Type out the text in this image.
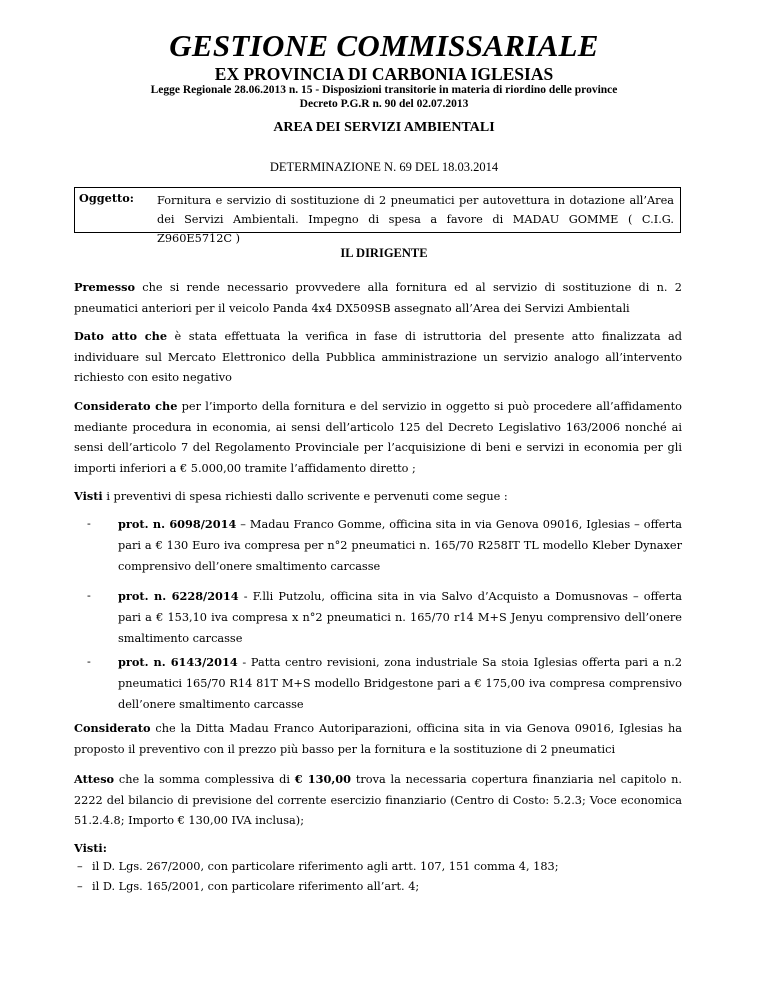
GESTIONE COMMISSARIALE
EX PROVINCIA DI CARBONIA IGLESIAS
Legge Regionale 28.06.2013 n. 15 - Disposizioni transitorie in materia di riordino delle province
Decreto P.G.R n. 90 del 02.07.2013
AREA DEI SERVIZI AMBIENTALI
DETERMINAZIONE N. 69 DEL 18.03.2014
Oggetto: Fornitura e servizio di sostituzione di 2 pneumatici per autovettura in dotazione all’Area dei Servizi Ambientali. Impegno di spesa a favore di MADAU GOMME ( C.I.G. Z960E5712C )
IL DIRIGENTE
Premesso che si rende necessario provvedere alla fornitura ed al servizio di sostituzione di n. 2 pneumatici anteriori per il veicolo Panda 4x4 DX509SB assegnato all’Area dei Servizi Ambientali
Dato atto che è stata effettuata la verifica in fase di istruttoria del presente atto finalizzata ad individuare sul Mercato Elettronico della Pubblica amministrazione un servizio analogo all’intervento richiesto con esito negativo
Considerato che per l’importo della fornitura e del servizio in oggetto si può procedere all’affidamento mediante procedura in economia, ai sensi dell’articolo 125 del Decreto Legislativo 163/2006 nonché ai sensi dell’articolo 7 del Regolamento Provinciale per l’acquisizione di beni e servizi in economia per gli importi inferiori a € 5.000,00 tramite l’affidamento diretto ;
Visti i preventivi di spesa richiesti dallo scrivente e pervenuti come segue :
- prot. n. 6098/2014 – Madau Franco Gomme, officina sita in via Genova 09016, Iglesias – offerta pari a € 130 Euro iva compresa per n°2 pneumatici n. 165/70 R258IT TL modello Kleber Dynaxer comprensivo dell’onere smaltimento carcasse
- prot. n. 6228/2014 - F.lli Putzolu, officina sita in via Salvo d’Acquisto a Domusnovas – offerta pari a € 153,10 iva compresa x n°2 pneumatici n. 165/70 r14 M+S Jenyu comprensivo dell’onere smaltimento carcasse
- prot. n. 6143/2014 - Patta centro revisioni, zona industriale Sa stoia Iglesias offerta pari a n.2 pneumatici 165/70 R14 81T M+S modello Bridgestone pari a € 175,00 iva compresa comprensivo dell’onere smaltimento carcasse
Considerato che la Ditta Madau Franco Autoriparazioni, officina sita in via Genova 09016, Iglesias ha proposto il preventivo con il prezzo più basso per la fornitura e la sostituzione di 2 pneumatici
Atteso che la somma complessiva di € 130,00 trova la necessaria copertura finanziaria nel capitolo n. 2222 del bilancio di previsione del corrente esercizio finanziario (Centro di Costo: 5.2.3; Voce economica 51.2.4.8; Importo € 130,00 IVA inclusa);
Visti:
– il D. Lgs. 267/2000, con particolare riferimento agli artt. 107, 151 comma 4, 183;
– il D. Lgs. 165/2001, con particolare riferimento all’art. 4;
